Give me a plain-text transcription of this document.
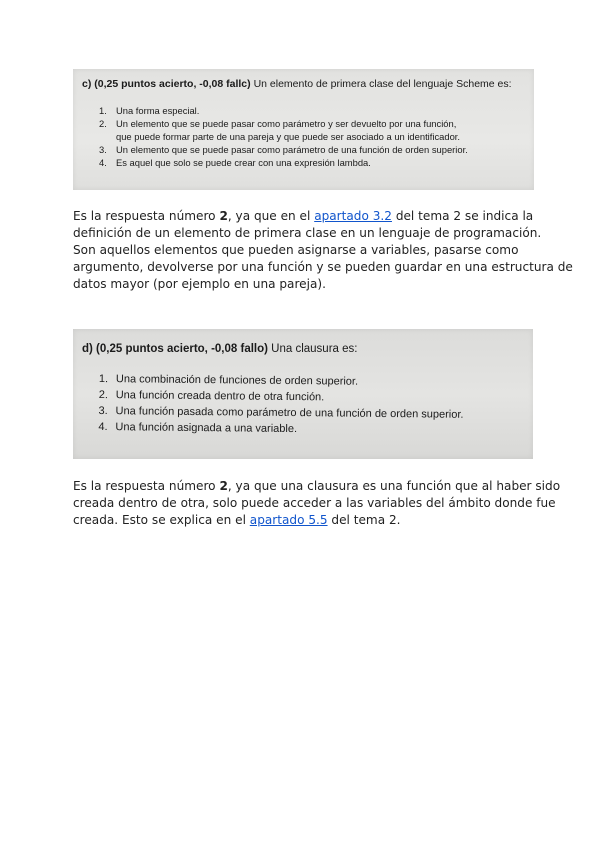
c) (0,25 puntos acierto, -0,08 fallc) Un elemento de primera clase del lenguaje Scheme es:
1. Una forma especial.
2. Un elemento que se puede pasar como parámetro y ser devuelto por una función,
que puede formar parte de una pareja y que puede ser asociado a un identificador.
3. Un elemento que se puede pasar como parámetro de una función de orden superior.
4. Es aquel que solo se puede crear con una expresión lambda.

Es la respuesta número 2, ya que en el apartado 3.2 del tema 2 se indica la
definición de un elemento de primera clase en un lenguaje de programación.
Son aquellos elementos que pueden asignarse a variables, pasarse como
argumento, devolverse por una función y se pueden guardar en una estructura de
datos mayor (por ejemplo en una pareja).

d) (0,25 puntos acierto, -0,08 fallo) Una clausura es:
1. Una combinación de funciones de orden superior.
2. Una función creada dentro de otra función.
3. Una función pasada como parámetro de una función de orden superior.
4. Una función asignada a una variable.

Es la respuesta número 2, ya que una clausura es una función que al haber sido
creada dentro de otra, solo puede acceder a las variables del ámbito donde fue
creada. Esto se explica en el apartado 5.5 del tema 2.
